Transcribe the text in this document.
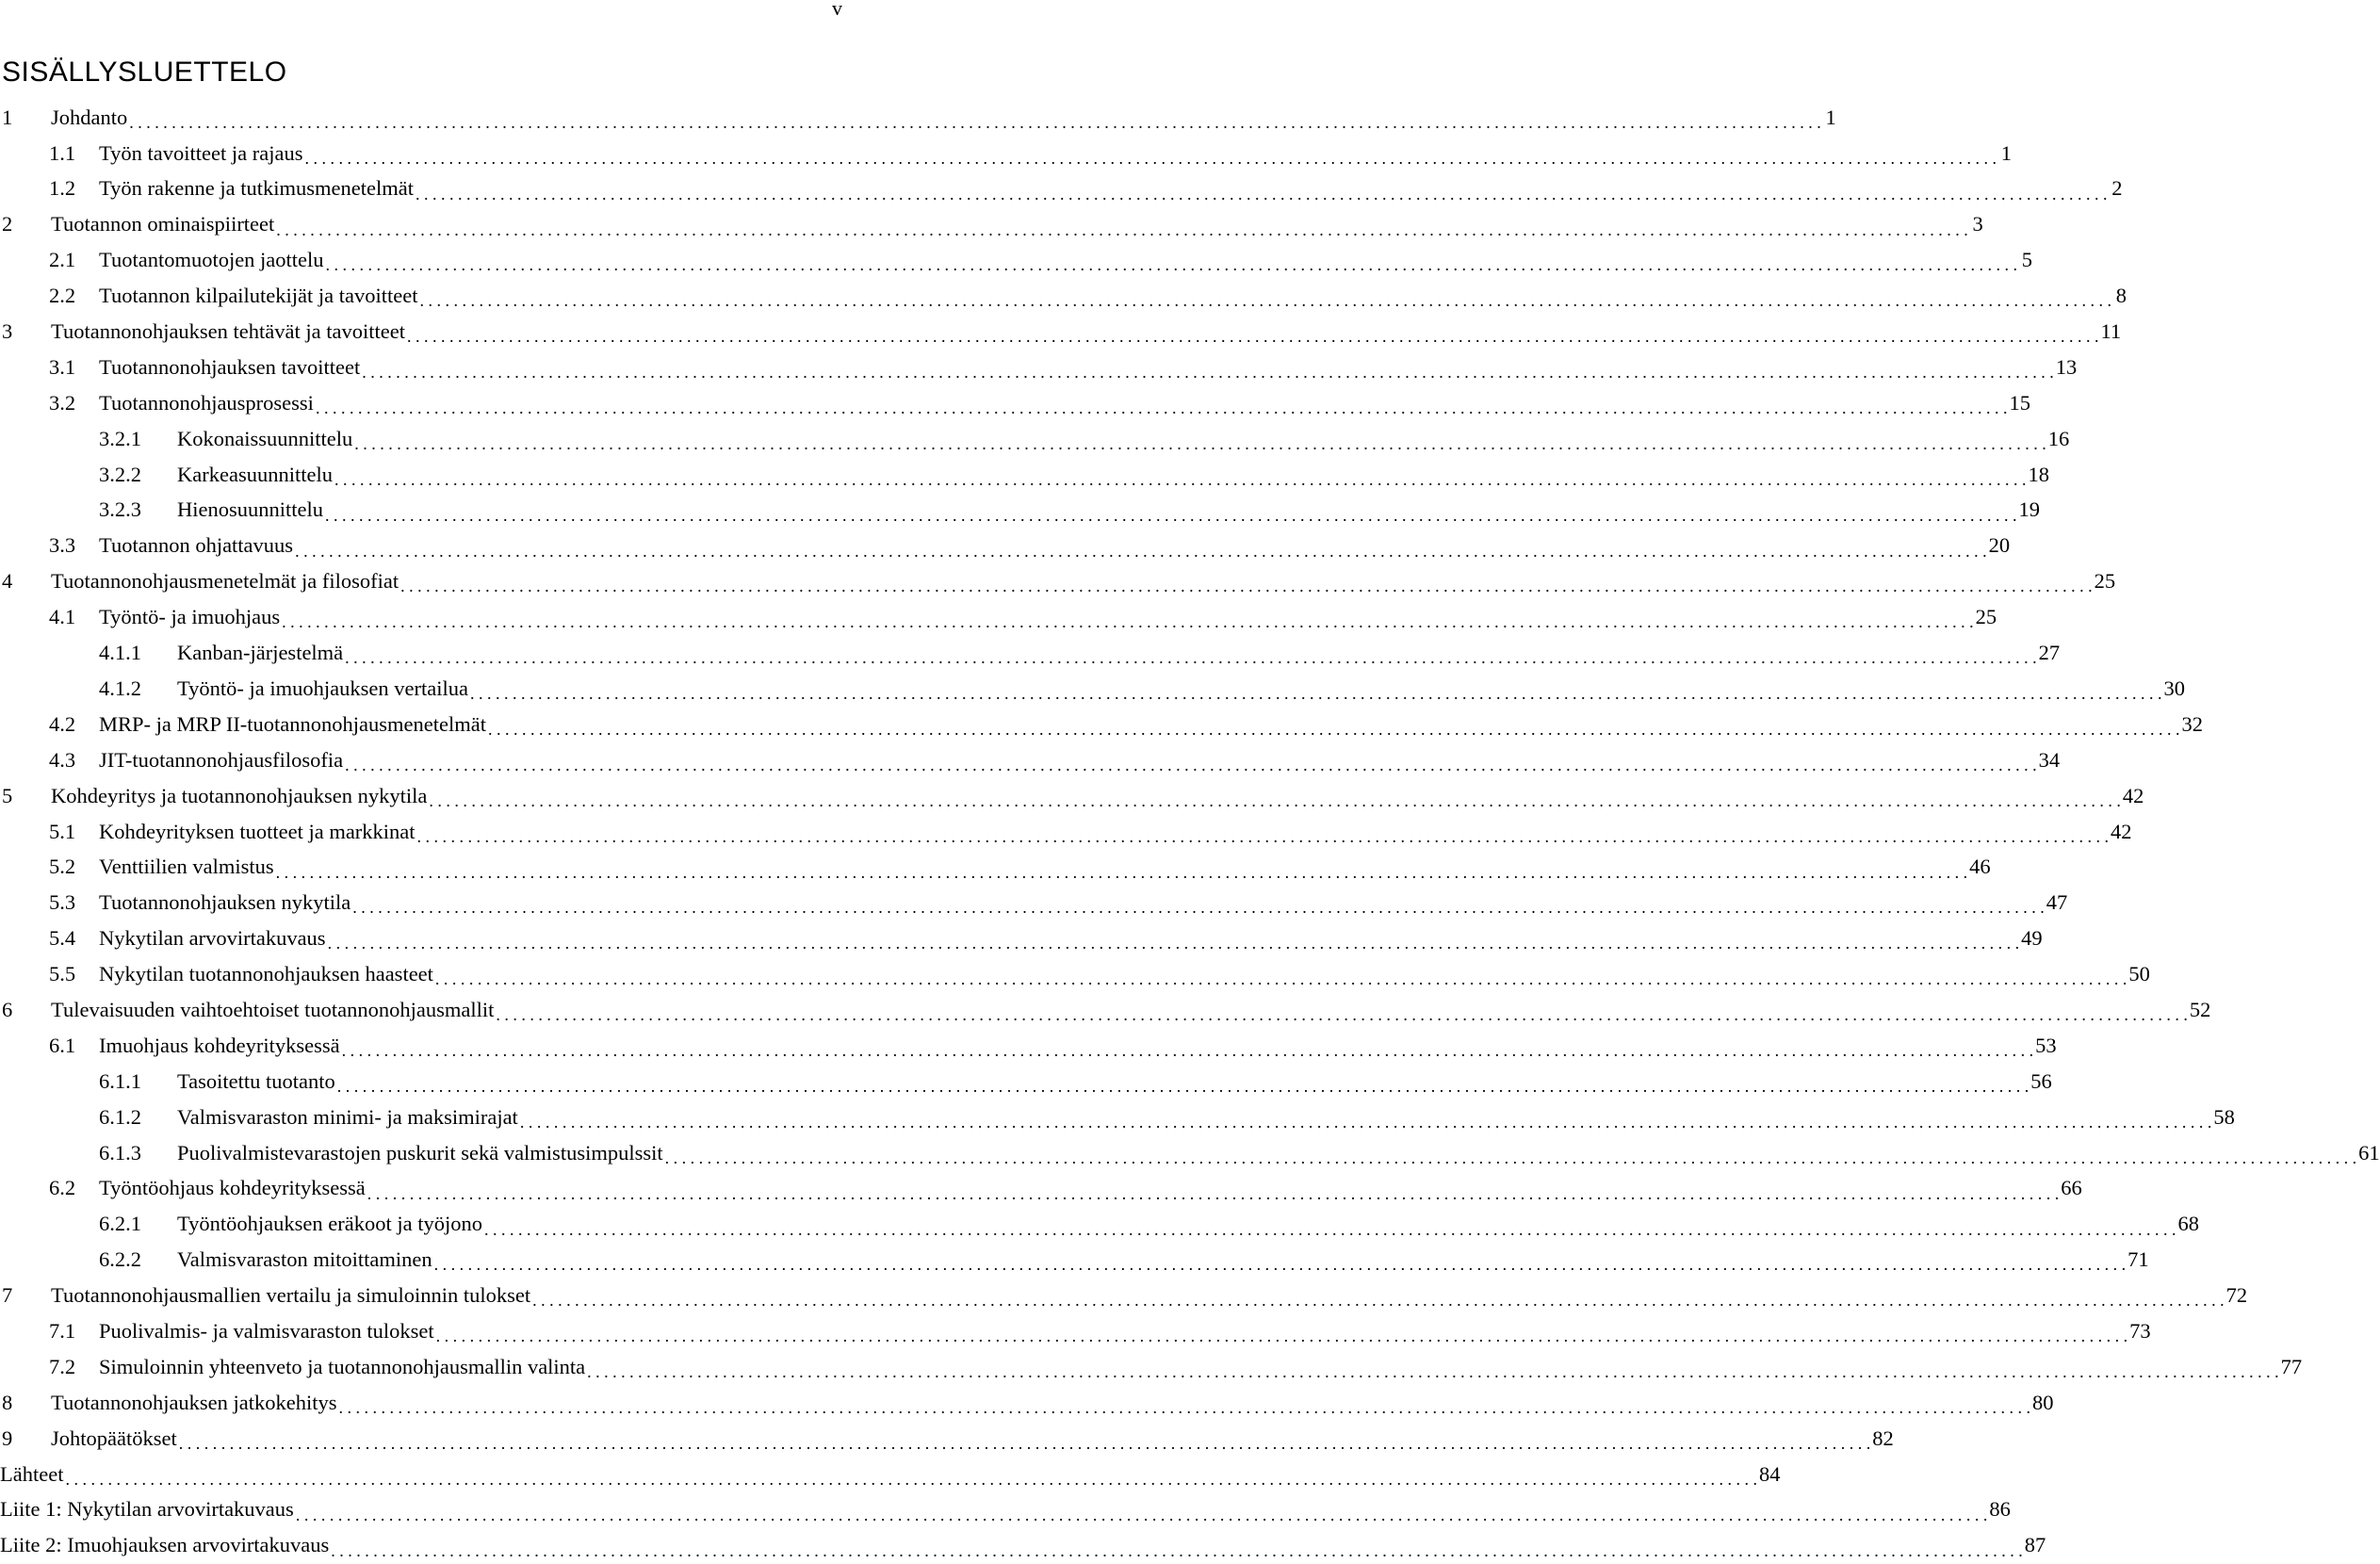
v
SISÄLLYSLUETTELO
1	Johdanto . . . . . . . . . . . . . . . . . . . . . . . . . . . . . . . . . . . . . . . . . . . . . . . . . . . . . . . . . . . . . . . . . . . . . . . . . . . . . . . . . . . . . . . . . . . . . . . . . . . . . . . . . . . . . . . . . . . . . . . . . . . . . . . . . . . . . . . . . . . . . . . . . . . . . . . . . . . . . . . . . . . . . . . . . . . . . . . . . . . . . . . . . . . . . . . . . . . . . . . . 1
1.1	Työn tavoitteet ja rajaus . . . . . . . . . . . . . . . . . . . . . . . . . . . . . . . . . . . . . . . . . . . . . . . . . . . . . . . . . . . . . . . . . . . . . . . . . . . . . . . . . . . . . . . . . . . . . . . . . . . . . . . . . . . . . . . . . . . . . . . . . . . . . . . . . . . . . . . . . . . . . . . . . . . . . . . . . . . . . . . . . . . . . . . . . . . . . . . . . . . . . . . . . . . . . . . . . . . . . . . . 1
1.2	Työn rakenne ja tutkimusmenetelmät . . . . . . . . . . . . . . . . . . . . . . . . . . . . . . . . . . . . . . . . . . . . . . . . . . . . . . . . . . . . . . . . . . . . . . . . . . . . . . . . . . . . . . . . . . . . . . . . . . . . . . . . . . . . . . . . . . . . . . . . . . . . . . . . . . . . . . . . . . . . . . . . . . . . . . . . . . . . . . . . . . . . . . . . . . . . . . . . . . . . . . . . . . . . . . . . . . . . . . . . 2
2	Tuotannon ominaispiirteet . . . . . . . . . . . . . . . . . . . . . . . . . . . . . . . . . . . . . . . . . . . . . . . . . . . . . . . . . . . . . . . . . . . . . . . . . . . . . . . . . . . . . . . . . . . . . . . . . . . . . . . . . . . . . . . . . . . . . . . . . . . . . . . . . . . . . . . . . . . . . . . . . . . . . . . . . . . . . . . . . . . . . . . . . . . . . . . . . . . . . . . . . . . . . . . . . . . . . . . . 3
2.1	Tuotantomuotojen jaottelu . . . . . . . . . . . . . . . . . . . . . . . . . . . . . . . . . . . . . . . . . . . . . . . . . . . . . . . . . . . . . . . . . . . . . . . . . . . . . . . . . . . . . . . . . . . . . . . . . . . . . . . . . . . . . . . . . . . . . . . . . . . . . . . . . . . . . . . . . . . . . . . . . . . . . . . . . . . . . . . . . . . . . . . . . . . . . . . . . . . . . . . . . . . . . . . . . . . . . . . . 5
2.2	Tuotannon kilpailutekijät ja tavoitteet . . . . . . . . . . . . . . . . . . . . . . . . . . . . . . . . . . . . . . . . . . . . . . . . . . . . . . . . . . . . . . . . . . . . . . . . . . . . . . . . . . . . . . . . . . . . . . . . . . . . . . . . . . . . . . . . . . . . . . . . . . . . . . . . . . . . . . . . . . . . . . . . . . . . . . . . . . . . . . . . . . . . . . . . . . . . . . . . . . . . . . . . . . . . . . . . . . . . . . . . 8
3	Tuotannonohjauksen tehtävät ja tavoitteet . . . . . . . . . . . . . . . . . . . . . . . . . . . . . . . . . . . . . . . . . . . . . . . . . . . . . . . . . . . . . . . . . . . . . . . . . . . . . . . . . . . . . . . . . . . . . . . . . . . . . . . . . . . . . . . . . . . . . . . . . . . . . . . . . . . . . . . . . . . . . . . . . . . . . . . . . . . . . . . . . . . . . . . . . . . . . . . . . . . . . . . . . . . . . . . . . . . . . . . . 11
3.1	Tuotannonohjauksen tavoitteet . . . . . . . . . . . . . . . . . . . . . . . . . . . . . . . . . . . . . . . . . . . . . . . . . . . . . . . . . . . . . . . . . . . . . . . . . . . . . . . . . . . . . . . . . . . . . . . . . . . . . . . . . . . . . . . . . . . . . . . . . . . . . . . . . . . . . . . . . . . . . . . . . . . . . . . . . . . . . . . . . . . . . . . . . . . . . . . . . . . . . . . . . . . . . . . . . . . . . . . . 13
3.2	Tuotannonohjausprosessi . . . . . . . . . . . . . . . . . . . . . . . . . . . . . . . . . . . . . . . . . . . . . . . . . . . . . . . . . . . . . . . . . . . . . . . . . . . . . . . . . . . . . . . . . . . . . . . . . . . . . . . . . . . . . . . . . . . . . . . . . . . . . . . . . . . . . . . . . . . . . . . . . . . . . . . . . . . . . . . . . . . . . . . . . . . . . . . . . . . . . . . . . . . . . . . . . . . . . . . . 15
3.2.1	Kokonaissuunnittelu . . . . . . . . . . . . . . . . . . . . . . . . . . . . . . . . . . . . . . . . . . . . . . . . . . . . . . . . . . . . . . . . . . . . . . . . . . . . . . . . . . . . . . . . . . . . . . . . . . . . . . . . . . . . . . . . . . . . . . . . . . . . . . . . . . . . . . . . . . . . . . . . . . . . . . . . . . . . . . . . . . . . . . . . . . . . . . . . . . . . . . . . . . . . . . . . . . . . . . . . 16
3.2.2	Karkeasuunnittelu . . . . . . . . . . . . . . . . . . . . . . . . . . . . . . . . . . . . . . . . . . . . . . . . . . . . . . . . . . . . . . . . . . . . . . . . . . . . . . . . . . . . . . . . . . . . . . . . . . . . . . . . . . . . . . . . . . . . . . . . . . . . . . . . . . . . . . . . . . . . . . . . . . . . . . . . . . . . . . . . . . . . . . . . . . . . . . . . . . . . . . . . . . . . . . . . . . . . . . . . 18
3.2.3	Hienosuunnittelu . . . . . . . . . . . . . . . . . . . . . . . . . . . . . . . . . . . . . . . . . . . . . . . . . . . . . . . . . . . . . . . . . . . . . . . . . . . . . . . . . . . . . . . . . . . . . . . . . . . . . . . . . . . . . . . . . . . . . . . . . . . . . . . . . . . . . . . . . . . . . . . . . . . . . . . . . . . . . . . . . . . . . . . . . . . . . . . . . . . . . . . . . . . . . . . . . . . . . . . . 19
3.3	Tuotannon ohjattavuus . . . . . . . . . . . . . . . . . . . . . . . . . . . . . . . . . . . . . . . . . . . . . . . . . . . . . . . . . . . . . . . . . . . . . . . . . . . . . . . . . . . . . . . . . . . . . . . . . . . . . . . . . . . . . . . . . . . . . . . . . . . . . . . . . . . . . . . . . . . . . . . . . . . . . . . . . . . . . . . . . . . . . . . . . . . . . . . . . . . . . . . . . . . . . . . . . . . . . . . . 20
4	Tuotannonohjausmenetelmät ja filosofiat . . . . . . . . . . . . . . . . . . . . . . . . . . . . . . . . . . . . . . . . . . . . . . . . . . . . . . . . . . . . . . . . . . . . . . . . . . . . . . . . . . . . . . . . . . . . . . . . . . . . . . . . . . . . . . . . . . . . . . . . . . . . . . . . . . . . . . . . . . . . . . . . . . . . . . . . . . . . . . . . . . . . . . . . . . . . . . . . . . . . . . . . . . . . . . . . . . . . . . . . 25
4.1	Työntö- ja imuohjaus . . . . . . . . . . . . . . . . . . . . . . . . . . . . . . . . . . . . . . . . . . . . . . . . . . . . . . . . . . . . . . . . . . . . . . . . . . . . . . . . . . . . . . . . . . . . . . . . . . . . . . . . . . . . . . . . . . . . . . . . . . . . . . . . . . . . . . . . . . . . . . . . . . . . . . . . . . . . . . . . . . . . . . . . . . . . . . . . . . . . . . . . . . . . . . . . . . . . . . . . 25
4.1.1	Kanban-järjestelmä . . . . . . . . . . . . . . . . . . . . . . . . . . . . . . . . . . . . . . . . . . . . . . . . . . . . . . . . . . . . . . . . . . . . . . . . . . . . . . . . . . . . . . . . . . . . . . . . . . . . . . . . . . . . . . . . . . . . . . . . . . . . . . . . . . . . . . . . . . . . . . . . . . . . . . . . . . . . . . . . . . . . . . . . . . . . . . . . . . . . . . . . . . . . . . . . . . . . . . . . 27
4.1.2	Työntö- ja imuohjauksen vertailua . . . . . . . . . . . . . . . . . . . . . . . . . . . . . . . . . . . . . . . . . . . . . . . . . . . . . . . . . . . . . . . . . . . . . . . . . . . . . . . . . . . . . . . . . . . . . . . . . . . . . . . . . . . . . . . . . . . . . . . . . . . . . . . . . . . . . . . . . . . . . . . . . . . . . . . . . . . . . . . . . . . . . . . . . . . . . . . . . . . . . . . . . . . . . . . . . . . . . . . . 30
4.2	MRP- ja MRP II-tuotannonohjausmenetelmät . . . . . . . . . . . . . . . . . . . . . . . . . . . . . . . . . . . . . . . . . . . . . . . . . . . . . . . . . . . . . . . . . . . . . . . . . . . . . . . . . . . . . . . . . . . . . . . . . . . . . . . . . . . . . . . . . . . . . . . . . . . . . . . . . . . . . . . . . . . . . . . . . . . . . . . . . . . . . . . . . . . . . . . . . . . . . . . . . . . . . . . . . . . . . . . . . . . . . . . . 32
4.3	JIT-tuotannonohjausfilosofia . . . . . . . . . . . . . . . . . . . . . . . . . . . . . . . . . . . . . . . . . . . . . . . . . . . . . . . . . . . . . . . . . . . . . . . . . . . . . . . . . . . . . . . . . . . . . . . . . . . . . . . . . . . . . . . . . . . . . . . . . . . . . . . . . . . . . . . . . . . . . . . . . . . . . . . . . . . . . . . . . . . . . . . . . . . . . . . . . . . . . . . . . . . . . . . . . . . . . . . . 34
5	Kohdeyritys ja tuotannonohjauksen nykytila . . . . . . . . . . . . . . . . . . . . . . . . . . . . . . . . . . . . . . . . . . . . . . . . . . . . . . . . . . . . . . . . . . . . . . . . . . . . . . . . . . . . . . . . . . . . . . . . . . . . . . . . . . . . . . . . . . . . . . . . . . . . . . . . . . . . . . . . . . . . . . . . . . . . . . . . . . . . . . . . . . . . . . . . . . . . . . . . . . . . . . . . . . . . . . . . . . . . . . . . 42
5.1	Kohdeyrityksen tuotteet ja markkinat . . . . . . . . . . . . . . . . . . . . . . . . . . . . . . . . . . . . . . . . . . . . . . . . . . . . . . . . . . . . . . . . . . . . . . . . . . . . . . . . . . . . . . . . . . . . . . . . . . . . . . . . . . . . . . . . . . . . . . . . . . . . . . . . . . . . . . . . . . . . . . . . . . . . . . . . . . . . . . . . . . . . . . . . . . . . . . . . . . . . . . . . . . . . . . . . . . . . . . . . 42
5.2	Venttiilien valmistus . . . . . . . . . . . . . . . . . . . . . . . . . . . . . . . . . . . . . . . . . . . . . . . . . . . . . . . . . . . . . . . . . . . . . . . . . . . . . . . . . . . . . . . . . . . . . . . . . . . . . . . . . . . . . . . . . . . . . . . . . . . . . . . . . . . . . . . . . . . . . . . . . . . . . . . . . . . . . . . . . . . . . . . . . . . . . . . . . . . . . . . . . . . . . . . . . . . . . . . . 46
5.3	Tuotannonohjauksen nykytila . . . . . . . . . . . . . . . . . . . . . . . . . . . . . . . . . . . . . . . . . . . . . . . . . . . . . . . . . . . . . . . . . . . . . . . . . . . . . . . . . . . . . . . . . . . . . . . . . . . . . . . . . . . . . . . . . . . . . . . . . . . . . . . . . . . . . . . . . . . . . . . . . . . . . . . . . . . . . . . . . . . . . . . . . . . . . . . . . . . . . . . . . . . . . . . . . . . . . . . . 47
5.4	Nykytilan arvovirtakuvaus . . . . . . . . . . . . . . . . . . . . . . . . . . . . . . . . . . . . . . . . . . . . . . . . . . . . . . . . . . . . . . . . . . . . . . . . . . . . . . . . . . . . . . . . . . . . . . . . . . . . . . . . . . . . . . . . . . . . . . . . . . . . . . . . . . . . . . . . . . . . . . . . . . . . . . . . . . . . . . . . . . . . . . . . . . . . . . . . . . . . . . . . . . . . . . . . . . . . . . . . 49
5.5	Nykytilan tuotannonohjauksen haasteet . . . . . . . . . . . . . . . . . . . . . . . . . . . . . . . . . . . . . . . . . . . . . . . . . . . . . . . . . . . . . . . . . . . . . . . . . . . . . . . . . . . . . . . . . . . . . . . . . . . . . . . . . . . . . . . . . . . . . . . . . . . . . . . . . . . . . . . . . . . . . . . . . . . . . . . . . . . . . . . . . . . . . . . . . . . . . . . . . . . . . . . . . . . . . . . . . . . . . . . . 50
6	Tulevaisuuden vaihtoehtoiset tuotannonohjausmallit . . . . . . . . . . . . . . . . . . . . . . . . . . . . . . . . . . . . . . . . . . . . . . . . . . . . . . . . . . . . . . . . . . . . . . . . . . . . . . . . . . . . . . . . . . . . . . . . . . . . . . . . . . . . . . . . . . . . . . . . . . . . . . . . . . . . . . . . . . . . . . . . . . . . . . . . . . . . . . . . . . . . . . . . . . . . . . . . . . . . . . . . . . . . . . . . . . . . . . . . 52
6.1	Imuohjaus kohdeyrityksessä . . . . . . . . . . . . . . . . . . . . . . . . . . . . . . . . . . . . . . . . . . . . . . . . . . . . . . . . . . . . . . . . . . . . . . . . . . . . . . . . . . . . . . . . . . . . . . . . . . . . . . . . . . . . . . . . . . . . . . . . . . . . . . . . . . . . . . . . . . . . . . . . . . . . . . . . . . . . . . . . . . . . . . . . . . . . . . . . . . . . . . . . . . . . . . . . . . . . . . . . 53
6.1.1	Tasoitettu tuotanto . . . . . . . . . . . . . . . . . . . . . . . . . . . . . . . . . . . . . . . . . . . . . . . . . . . . . . . . . . . . . . . . . . . . . . . . . . . . . . . . . . . . . . . . . . . . . . . . . . . . . . . . . . . . . . . . . . . . . . . . . . . . . . . . . . . . . . . . . . . . . . . . . . . . . . . . . . . . . . . . . . . . . . . . . . . . . . . . . . . . . . . . . . . . . . . . . . . . . . . . 56
6.1.2	Valmisvaraston minimi- ja maksimirajat . . . . . . . . . . . . . . . . . . . . . . . . . . . . . . . . . . . . . . . . . . . . . . . . . . . . . . . . . . . . . . . . . . . . . . . . . . . . . . . . . . . . . . . . . . . . . . . . . . . . . . . . . . . . . . . . . . . . . . . . . . . . . . . . . . . . . . . . . . . . . . . . . . . . . . . . . . . . . . . . . . . . . . . . . . . . . . . . . . . . . . . . . . . . . . . . . . . . . . . . 58
6.1.3	Puolivalmistevarastojen puskurit sekä valmistusimpulssit . . . . . . . . . . . . . . . . . . . . . . . . . . . . . . . . . . . . . . . . . . . . . . . . . . . . . . . . . . . . . . . . . . . . . . . . . . . . . . . . . . . . . . . . . . . . . . . . . . . . . . . . . . . . . . . . . . . . . . . . . . . . . . . . . . . . . . . . . . . . . . . . . . . . . . . . . . . . . . . . . . . . . . . . . . . . . . . . . . . . . . . . . . . . . . . . . . . . . . . . 61
6.2	Työntöohjaus kohdeyrityksessä . . . . . . . . . . . . . . . . . . . . . . . . . . . . . . . . . . . . . . . . . . . . . . . . . . . . . . . . . . . . . . . . . . . . . . . . . . . . . . . . . . . . . . . . . . . . . . . . . . . . . . . . . . . . . . . . . . . . . . . . . . . . . . . . . . . . . . . . . . . . . . . . . . . . . . . . . . . . . . . . . . . . . . . . . . . . . . . . . . . . . . . . . . . . . . . . . . . . . . . . 66
6.2.1	Työntöohjauksen eräkoot ja työjono . . . . . . . . . . . . . . . . . . . . . . . . . . . . . . . . . . . . . . . . . . . . . . . . . . . . . . . . . . . . . . . . . . . . . . . . . . . . . . . . . . . . . . . . . . . . . . . . . . . . . . . . . . . . . . . . . . . . . . . . . . . . . . . . . . . . . . . . . . . . . . . . . . . . . . . . . . . . . . . . . . . . . . . . . . . . . . . . . . . . . . . . . . . . . . . . . . . . . . . . 68
6.2.2	Valmisvaraston mitoittaminen . . . . . . . . . . . . . . . . . . . . . . . . . . . . . . . . . . . . . . . . . . . . . . . . . . . . . . . . . . . . . . . . . . . . . . . . . . . . . . . . . . . . . . . . . . . . . . . . . . . . . . . . . . . . . . . . . . . . . . . . . . . . . . . . . . . . . . . . . . . . . . . . . . . . . . . . . . . . . . . . . . . . . . . . . . . . . . . . . . . . . . . . . . . . . . . . . . . . . . . . 71
7	Tuotannonohjausmallien vertailu ja simuloinnin tulokset . . . . . . . . . . . . . . . . . . . . . . . . . . . . . . . . . . . . . . . . . . . . . . . . . . . . . . . . . . . . . . . . . . . . . . . . . . . . . . . . . . . . . . . . . . . . . . . . . . . . . . . . . . . . . . . . . . . . . . . . . . . . . . . . . . . . . . . . . . . . . . . . . . . . . . . . . . . . . . . . . . . . . . . . . . . . . . . . . . . . . . . . . . . . . . . . . . . . . . . . 72
7.1	Puolivalmis- ja valmisvaraston tulokset . . . . . . . . . . . . . . . . . . . . . . . . . . . . . . . . . . . . . . . . . . . . . . . . . . . . . . . . . . . . . . . . . . . . . . . . . . . . . . . . . . . . . . . . . . . . . . . . . . . . . . . . . . . . . . . . . . . . . . . . . . . . . . . . . . . . . . . . . . . . . . . . . . . . . . . . . . . . . . . . . . . . . . . . . . . . . . . . . . . . . . . . . . . . . . . . . . . . . . . . 73
7.2	Simuloinnin yhteenveto ja tuotannonohjausmallin valinta . . . . . . . . . . . . . . . . . . . . . . . . . . . . . . . . . . . . . . . . . . . . . . . . . . . . . . . . . . . . . . . . . . . . . . . . . . . . . . . . . . . . . . . . . . . . . . . . . . . . . . . . . . . . . . . . . . . . . . . . . . . . . . . . . . . . . . . . . . . . . . . . . . . . . . . . . . . . . . . . . . . . . . . . . . . . . . . . . . . . . . . . . . . . . . . . . . . . . . . . 77
8	Tuotannonohjauksen jatkokehitys . . . . . . . . . . . . . . . . . . . . . . . . . . . . . . . . . . . . . . . . . . . . . . . . . . . . . . . . . . . . . . . . . . . . . . . . . . . . . . . . . . . . . . . . . . . . . . . . . . . . . . . . . . . . . . . . . . . . . . . . . . . . . . . . . . . . . . . . . . . . . . . . . . . . . . . . . . . . . . . . . . . . . . . . . . . . . . . . . . . . . . . . . . . . . . . . . . . . . . . . 80
9	Johtopäätökset . . . . . . . . . . . . . . . . . . . . . . . . . . . . . . . . . . . . . . . . . . . . . . . . . . . . . . . . . . . . . . . . . . . . . . . . . . . . . . . . . . . . . . . . . . . . . . . . . . . . . . . . . . . . . . . . . . . . . . . . . . . . . . . . . . . . . . . . . . . . . . . . . . . . . . . . . . . . . . . . . . . . . . . . . . . . . . . . . . . . . . . . . . . . . . . . . . . . . . . . 82
Lähteet . . . . . . . . . . . . . . . . . . . . . . . . . . . . . . . . . . . . . . . . . . . . . . . . . . . . . . . . . . . . . . . . . . . . . . . . . . . . . . . . . . . . . . . . . . . . . . . . . . . . . . . . . . . . . . . . . . . . . . . . . . . . . . . . . . . . . . . . . . . . . . . . . . . . . . . . . . . . . . . . . . . . . . . . . . . . . . . . . . . . . . . . . . . . . . . . . . . . . . . . 84
Liite 1: Nykytilan arvovirtakuvaus . . . . . . . . . . . . . . . . . . . . . . . . . . . . . . . . . . . . . . . . . . . . . . . . . . . . . . . . . . . . . . . . . . . . . . . . . . . . . . . . . . . . . . . . . . . . . . . . . . . . . . . . . . . . . . . . . . . . . . . . . . . . . . . . . . . . . . . . . . . . . . . . . . . . . . . . . . . . . . . . . . . . . . . . . . . . . . . . . . . . . . . . . . . . . . . . . . . . . . . . 86
Liite 2: Imuohjauksen arvovirtakuvaus . . . . . . . . . . . . . . . . . . . . . . . . . . . . . . . . . . . . . . . . . . . . . . . . . . . . . . . . . . . . . . . . . . . . . . . . . . . . . . . . . . . . . . . . . . . . . . . . . . . . . . . . . . . . . . . . . . . . . . . . . . . . . . . . . . . . . . . . . . . . . . . . . . . . . . . . . . . . . . . . . . . . . . . . . . . . . . . . . . . . . . . . . . . . . . . . . . . . . . . . 87
